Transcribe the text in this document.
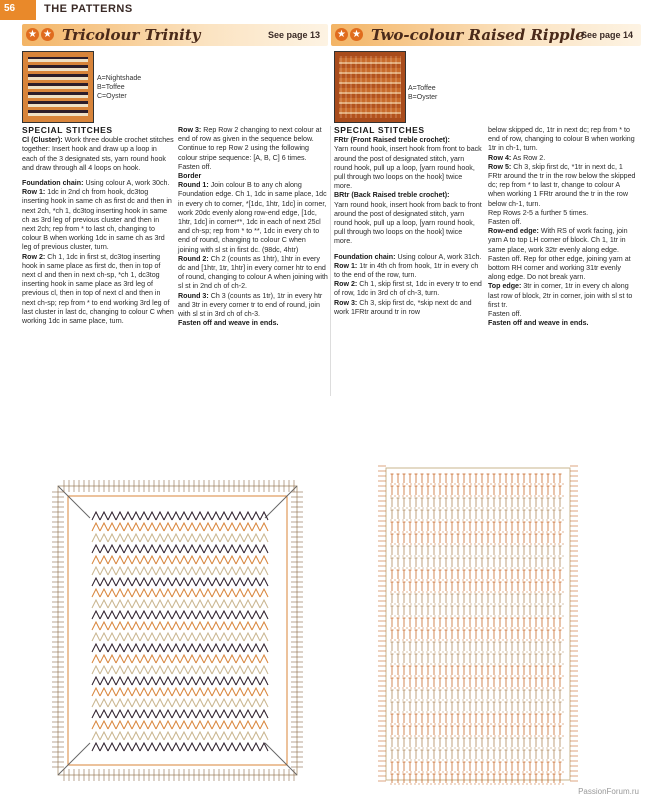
56	THE PATTERNS
★ ★ Tricolour Trinity	See page 13 ★ ★ Two-colour Raised Ripple
See page 14
A=Nightshade
B=Toffee
C=Oyster
A=Toffee
B=Oyster

SPECIAL STITCHES

Cl (Cluster): Work three double crochet stitches together: Insert hook and draw up a loop in each of the 3 designated sts, yarn round hook and draw through all 4 loops on hook.

Foundation chain: Using colour A, work 30ch.

Row 1: 1dc in 2nd ch from hook, dc3tog inserting hook in same ch as first dc and then in next 2ch, *ch 1, dc3tog inserting hook in same ch as 3rd leg of previous cluster and then in next 2ch; rep from * to last ch, changing to colour B when working 1dc in same ch as 3rd leg of previous cluster, turn.

Row 2: Ch 1, 1dc in first st, dc3tog inserting hook in same place as first dc, then in top of next cl and then in next ch-sp, *ch 1, dc3tog inserting hook in same place as 3rd leg of previous cl, then in top of next cl and then in next ch-sp; rep from * to end working 3rd leg of last cluster in last dc, changing to colour C when working 1dc in same place, turn.

Row 3: Rep Row 2 changing to next colour at end of row as given in the sequence below.

Continue to rep Row 2 using the following colour stripe sequence: [A, B, C] 6 times.

Fasten off.

Border

Round 1: Join colour B to any ch along Foundation edge. Ch 1, 1dc in same place, 1dc in every ch to corner, *[1dc, 1htr, 1dc] in corner, work 20dc evenly along row-end edge, [1dc, 1htr, 1dc] in corner**, 1dc in each of next 25cl and ch-sp; rep from * to **, 1dc in every ch to end of round, changing to colour C when joining with sl st in first dc. (98dc, 4htr)

Round 2: Ch 2 (counts as 1htr), 1htr in every dc and [1htr, 1tr, 1htr] in every corner htr to end of round, changing to colour A when joining with sl st in 2nd ch of ch-2.

Round 3: Ch 3 (counts as 1tr), 1tr in every htr and 3tr in every corner tr to end of round, join with sl st in 3rd ch of ch-3.

Fasten off and weave in ends.

SPECIAL STITCHES

FRtr (Front Raised treble crochet):

Yarn round hook, insert hook from front to back around the post of designated stitch, yarn round hook, pull up a loop, [yarn round hook, pull through two loops on the hook] twice more.

BRtr (Back Raised treble crochet):

Yarn round hook, insert hook from back to front around the post of designated stitch, yarn round hook, pull up a loop, [yarn round hook, pull through two loops on the hook] twice more.

Foundation chain: Using colour A, work 31ch.

Row 1: 1tr in 4th ch from hook, 1tr in every ch to the end of the row, turn.

Row 2: Ch 1, skip first st, 1dc in every tr to end of row, 1dc in 3rd ch of ch-3, turn.

Row 3: Ch 3, skip first dc, *skip next dc and work 1FRtr around tr in row

below skipped dc, 1tr in next dc; rep from * to end of row, changing to colour B when working 1tr in ch-1, turn.

Row 4: As Row 2.

Row 5: Ch 3, skip first dc, *1tr in next dc, 1 FRtr around the tr in the row below the skipped dc; rep from * to last tr, change to colour A when working 1 FRtr around the tr in the row below ch-1, turn.

Rep Rows 2-5 a further 5 times.

Fasten off.

Row-end edge: With RS of work facing, join yarn A to top LH corner of block. Ch 1, 1tr in same place, work 32tr evenly along edge. Fasten off. Rep for other edge, joining yarn at bottom RH corner and working 31tr evenly along edge. Do not break yarn.

Top edge: 3tr in corner, 1tr in every ch along last row of block, 2tr in corner, join with sl st to first tr.

Fasten off.

Fasten off and weave in ends.

PassionForum.ru
